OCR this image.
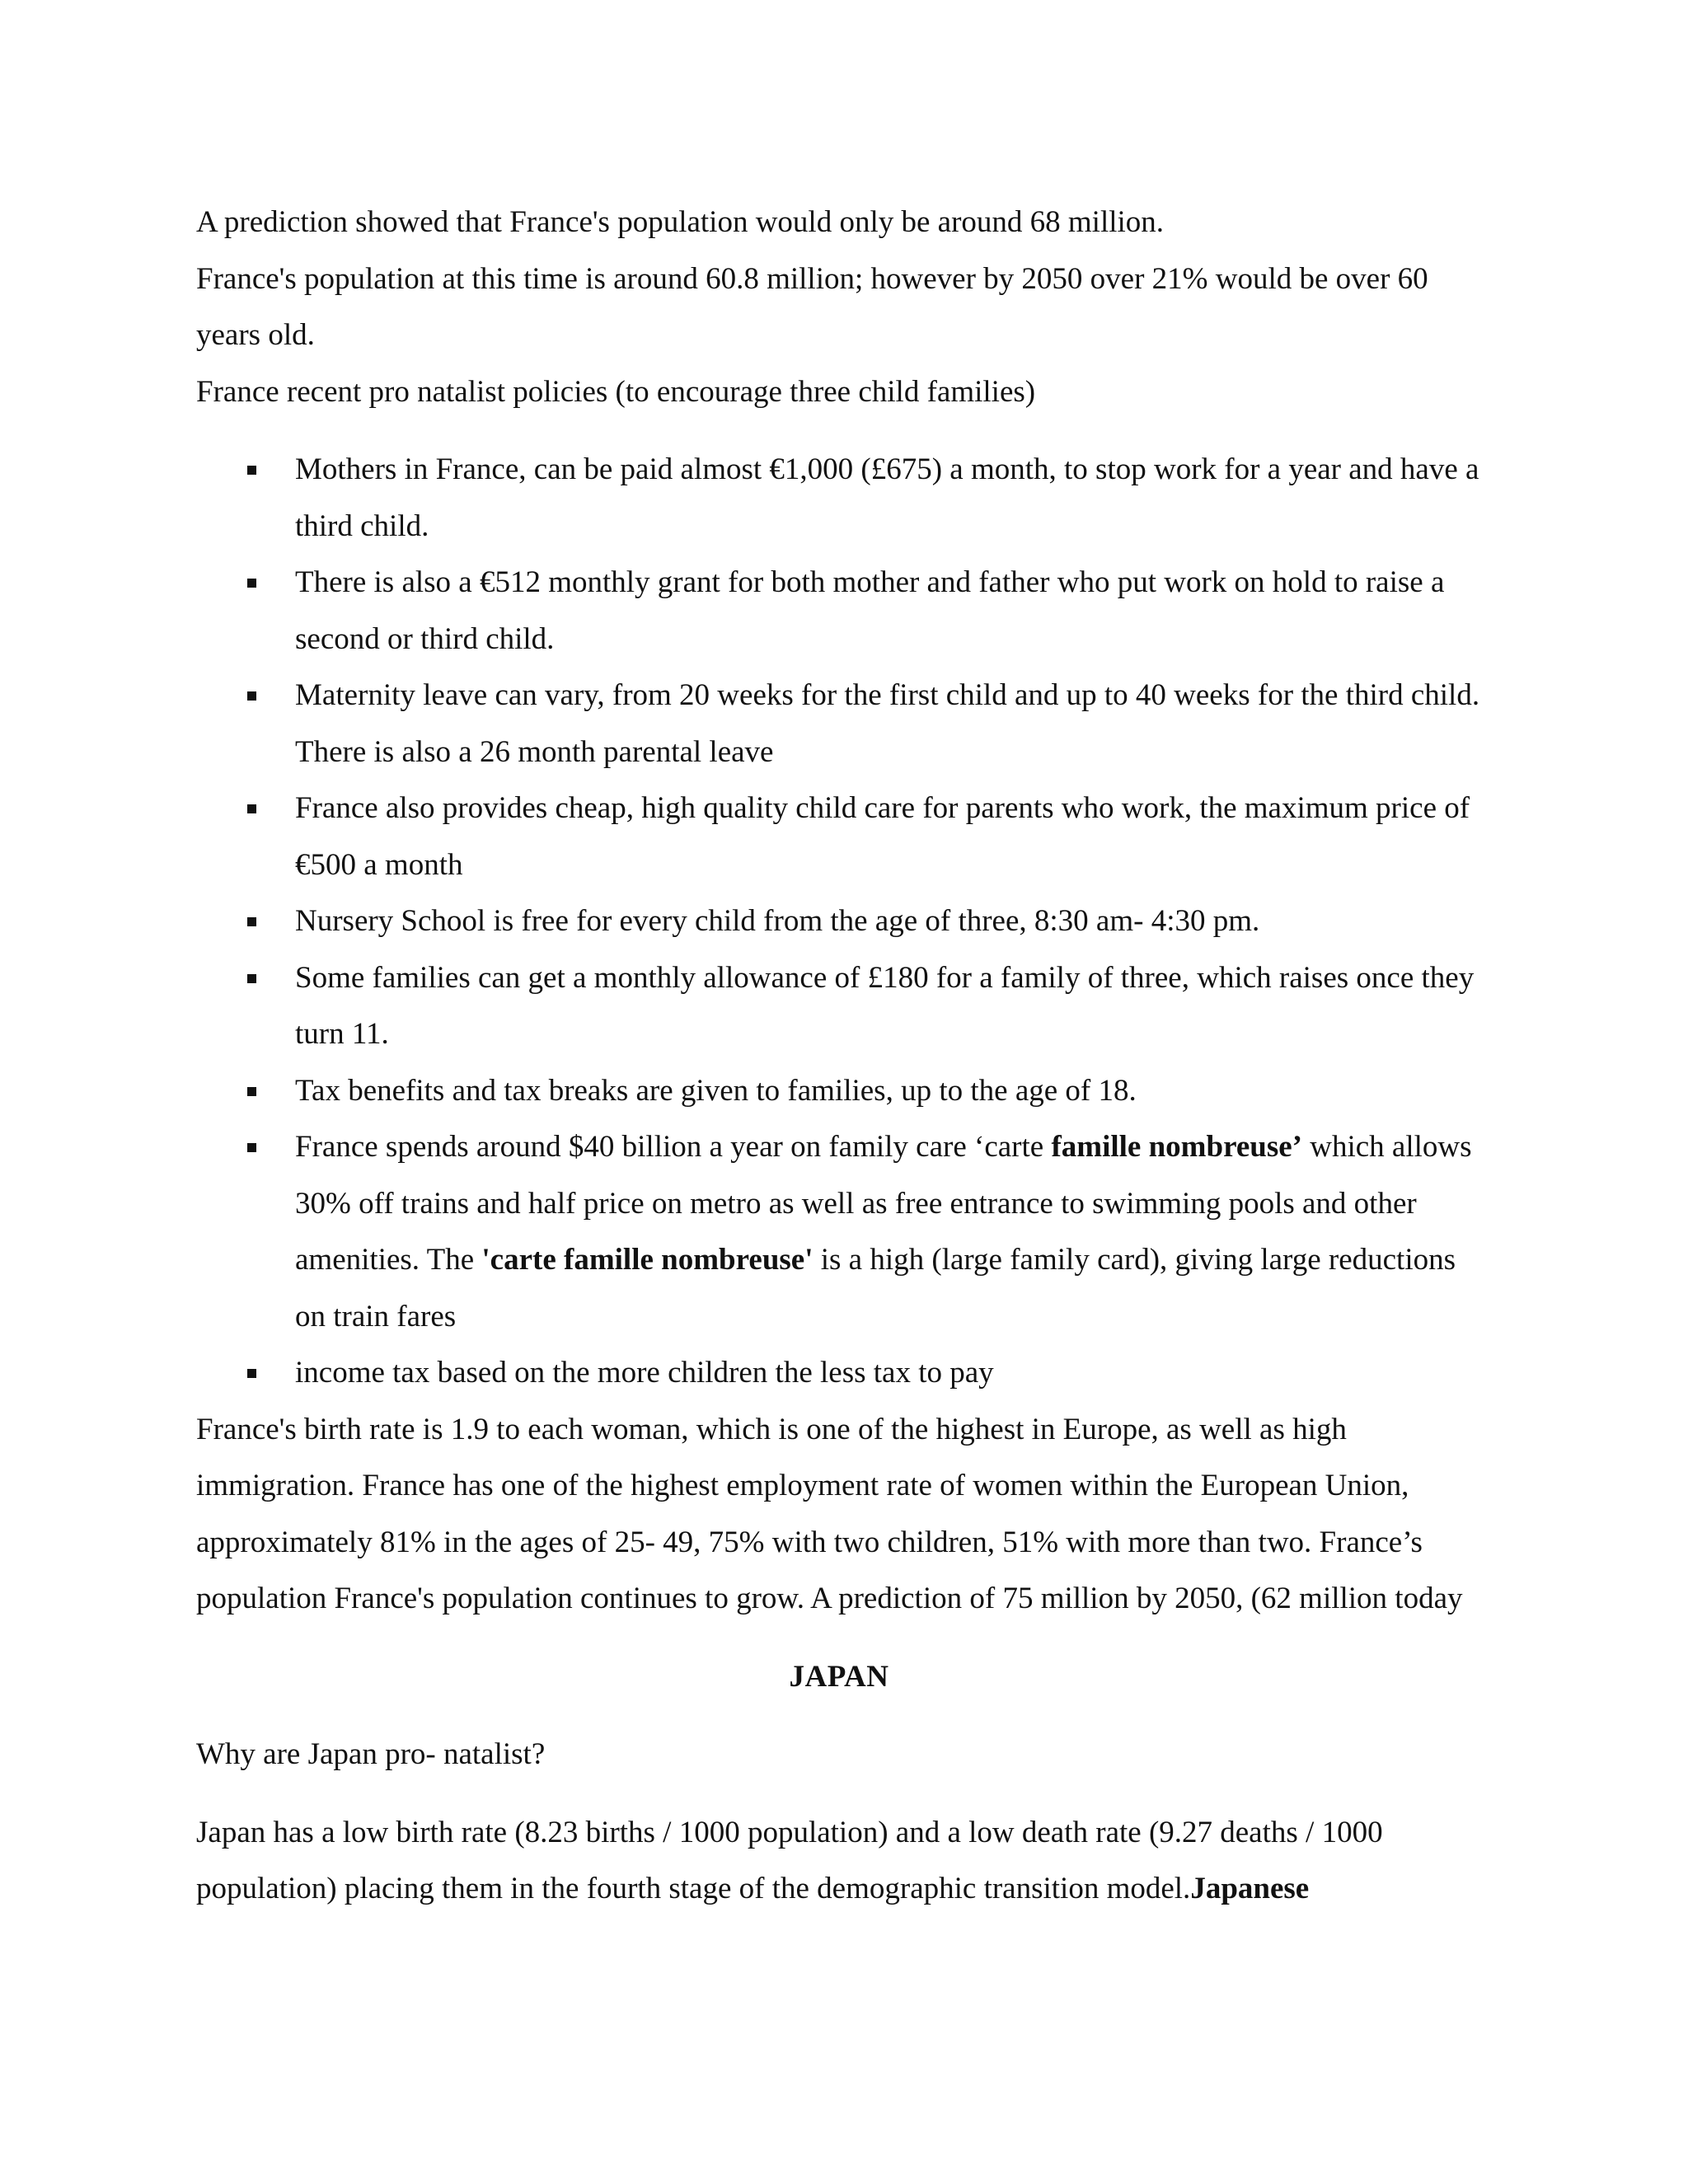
A prediction showed that France's population would only be around 68 million.

France's population at this time is around 60.8 million; however by 2050 over 21% would be over 60 years old.

France recent pro natalist policies (to encourage three child families)

Mothers in France, can be paid almost €1,000 (£675) a month, to stop work for a year and have a third child.
There is also a €512 monthly grant for both mother and father who put work on hold to raise a second or third child.
Maternity leave can vary, from 20 weeks for the first child and up to 40 weeks for the third child. There is also a 26 month parental leave
France also provides cheap, high quality child care for parents who work, the maximum price of €500 a month
Nursery School is free for every child from the age of three, 8:30 am- 4:30 pm.
Some families can get a monthly allowance of £180 for a family of three, which raises once they turn 11.
Tax benefits and tax breaks are given to families, up to the age of 18.
France spends around $40 billion a year on family care ‘carte famille nombreuse’ which allows 30% off trains and half price on metro as well as free entrance to swimming pools and other amenities. The 'carte famille nombreuse' is a high (large family card), giving large reductions on train fares
income tax based on the more children the less tax to pay

France's birth rate is 1.9 to each woman, which is one of the highest in Europe, as well as high immigration. France has one of the highest employment rate of women within the European Union, approximately 81% in the ages of 25- 49, 75% with two children, 51% with more than two. France’s population France's population continues to grow. A prediction of 75 million by 2050, (62 million today

JAPAN

Why are Japan pro- natalist?

Japan has a low birth rate (8.23 births / 1000 population) and a low death rate (9.27 deaths / 1000 population) placing them in the fourth stage of the demographic transition model.Japanese
